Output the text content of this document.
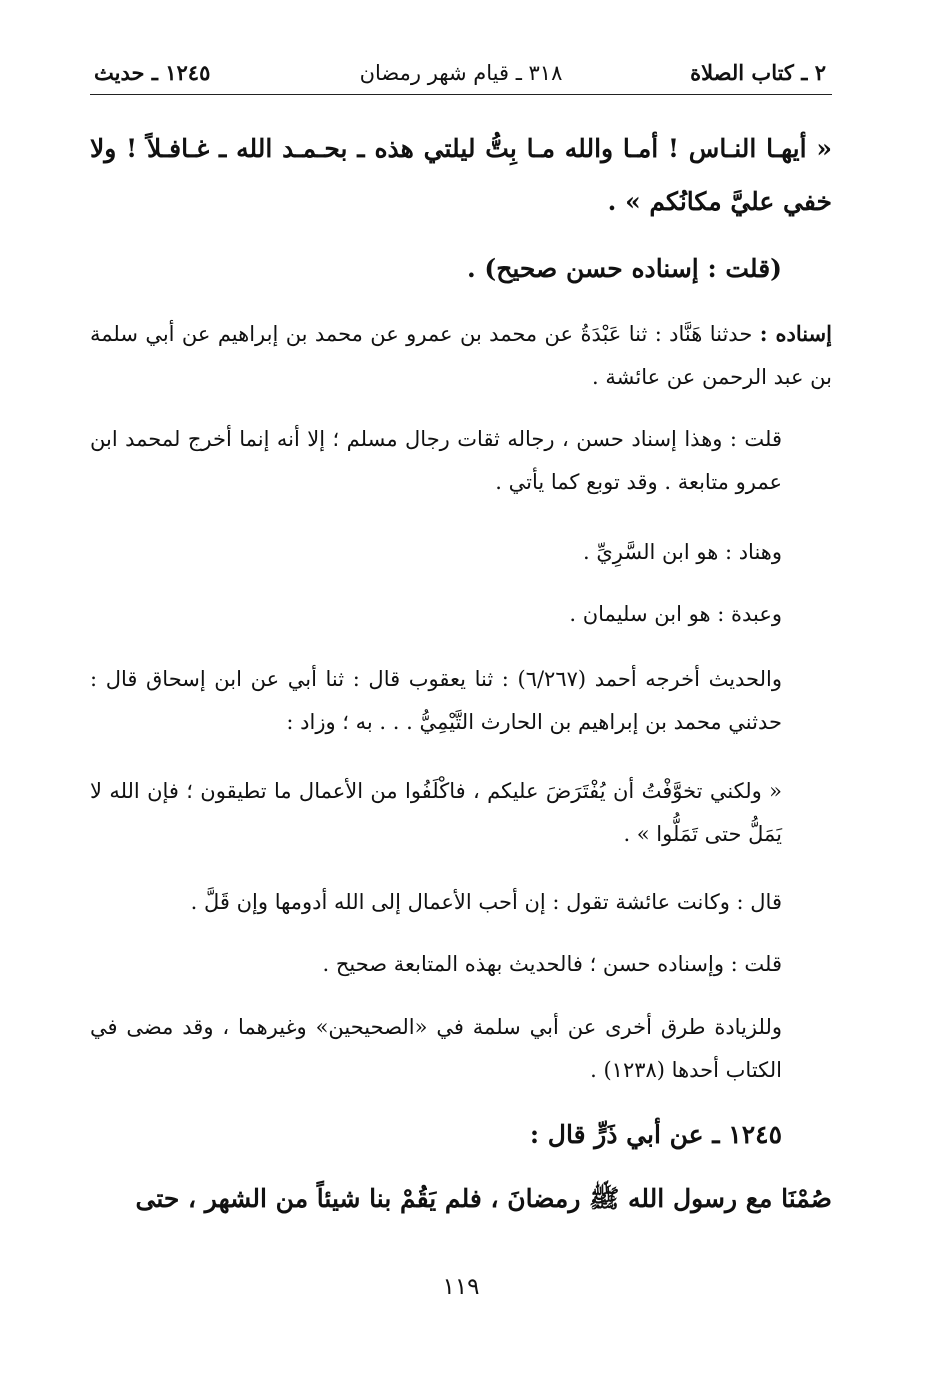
٢ ـ كتاب الصلاة
٣١٨ ـ قيام شهر رمضان
١٢٤٥ ـ حديث
« أيهـا النـاس ! أمـا والله مـا بِتُّ ليلتي هذه ـ بحـمـد الله ـ غـافـلاً ! ولا خفي عليَّ مكانُكم » .
(قلت : إسناده حسن صحيح) .
إسناده : حدثنا هَنَّاد : ثنا عَبْدَةُ عن محمد بن عمرو عن محمد بن إبراهيم عن أبي سلمة بن عبد الرحمن عن عائشة .
قلت : وهذا إسناد حسن ، رجاله ثقات رجال مسلم ؛ إلا أنه إنما أخرج لمحمد ابن عمرو متابعة . وقد توبع كما يأتي .
وهناد : هو ابن السَّرِيِّ .
وعبدة : هو ابن سليمان .
والحديث أخرجه أحمد (٦/٢٦٧) : ثنا يعقوب قال : ثنا أبي عن ابن إسحاق قال : حدثني محمد بن إبراهيم بن الحارث التَّيْمِيُّ . . . به ؛ وزاد :
« ولكني تخوَّفْتُ أن يُفْتَرَضَ عليكم ، فاكْلَفُوا من الأعمال ما تطيقون ؛ فإن الله لا يَمَلُّ حتى تَمَلُّوا » .
قال : وكانت عائشة تقول : إن أحب الأعمال إلى الله أدومها وإن قَلَّ .
قلت : وإسناده حسن ؛ فالحديث بهذه المتابعة صحيح .
وللزيادة طرق أخرى عن أبي سلمة في «الصحيحين» وغيرهما ، وقد مضى في الكتاب أحدها (١٢٣٨) .
١٢٤٥ ـ عن أبي ذَرٍّ قال :
صُمْنَا مع رسول الله ﷺ رمضانَ ، فلم يَقُمْ بنا شيئاً من الشهر ، حتى
١١٩
